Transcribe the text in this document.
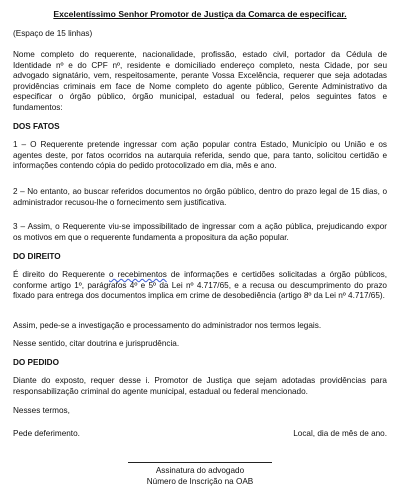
Excelentíssimo Senhor Promotor de Justiça da Comarca de especificar.

(Espaço de 15 linhas)

Nome completo do requerente, nacionalidade, profissão, estado civil, portador da Cédula de Identidade nº e do CPF nº, residente e domiciliado endereço completo, nesta Cidade, por seu advogado signatário, vem, respeitosamente, perante Vossa Excelência, requerer que seja adotadas providências criminais em face de Nome completo do agente público, Gerente Administrativo da especificar o órgão público, órgão municipal, estadual ou federal, pelos seguintes fatos e fundamentos:

DOS FATOS

1 – O Requerente pretende ingressar com ação popular contra Estado, Município ou União e os agentes deste, por fatos ocorridos na autarquia referida, sendo que, para tanto, solicitou certidão e informações contendo cópia do pedido protocolizado em dia, mês e ano.

2 – No entanto, ao buscar referidos documentos no órgão público, dentro do prazo legal de 15 dias, o administrador recusou-lhe o fornecimento sem justificativa.

3 – Assim, o Requerente viu-se impossibilitado de ingressar com a ação pública, prejudicando expor os motivos em que o requerente fundamenta a propositura da ação popular.

DO DIREITO

É direito do Requerente o recebimentos de informações e certidões solicitadas a órgão públicos, conforme artigo 1º, parágrafos 4º e 5º da Lei nº 4.717/65, e a recusa ou descumprimento do prazo fixado para entrega dos documentos implica em crime de desobediência (artigo 8º da Lei nº 4.717/65).

Assim, pede-se a investigação e processamento do administrador nos termos legais.

Nesse sentido, citar doutrina e jurisprudência.

DO PEDIDO

Diante do exposto, requer desse i. Promotor de Justiça que sejam adotadas providências para responsabilização criminal do agente municipal, estadual ou federal mencionado.

Nesses termos,

Pede deferimento.	Local, dia de mês de ano.

Assinatura do advogado

Número de Inscrição na OAB
